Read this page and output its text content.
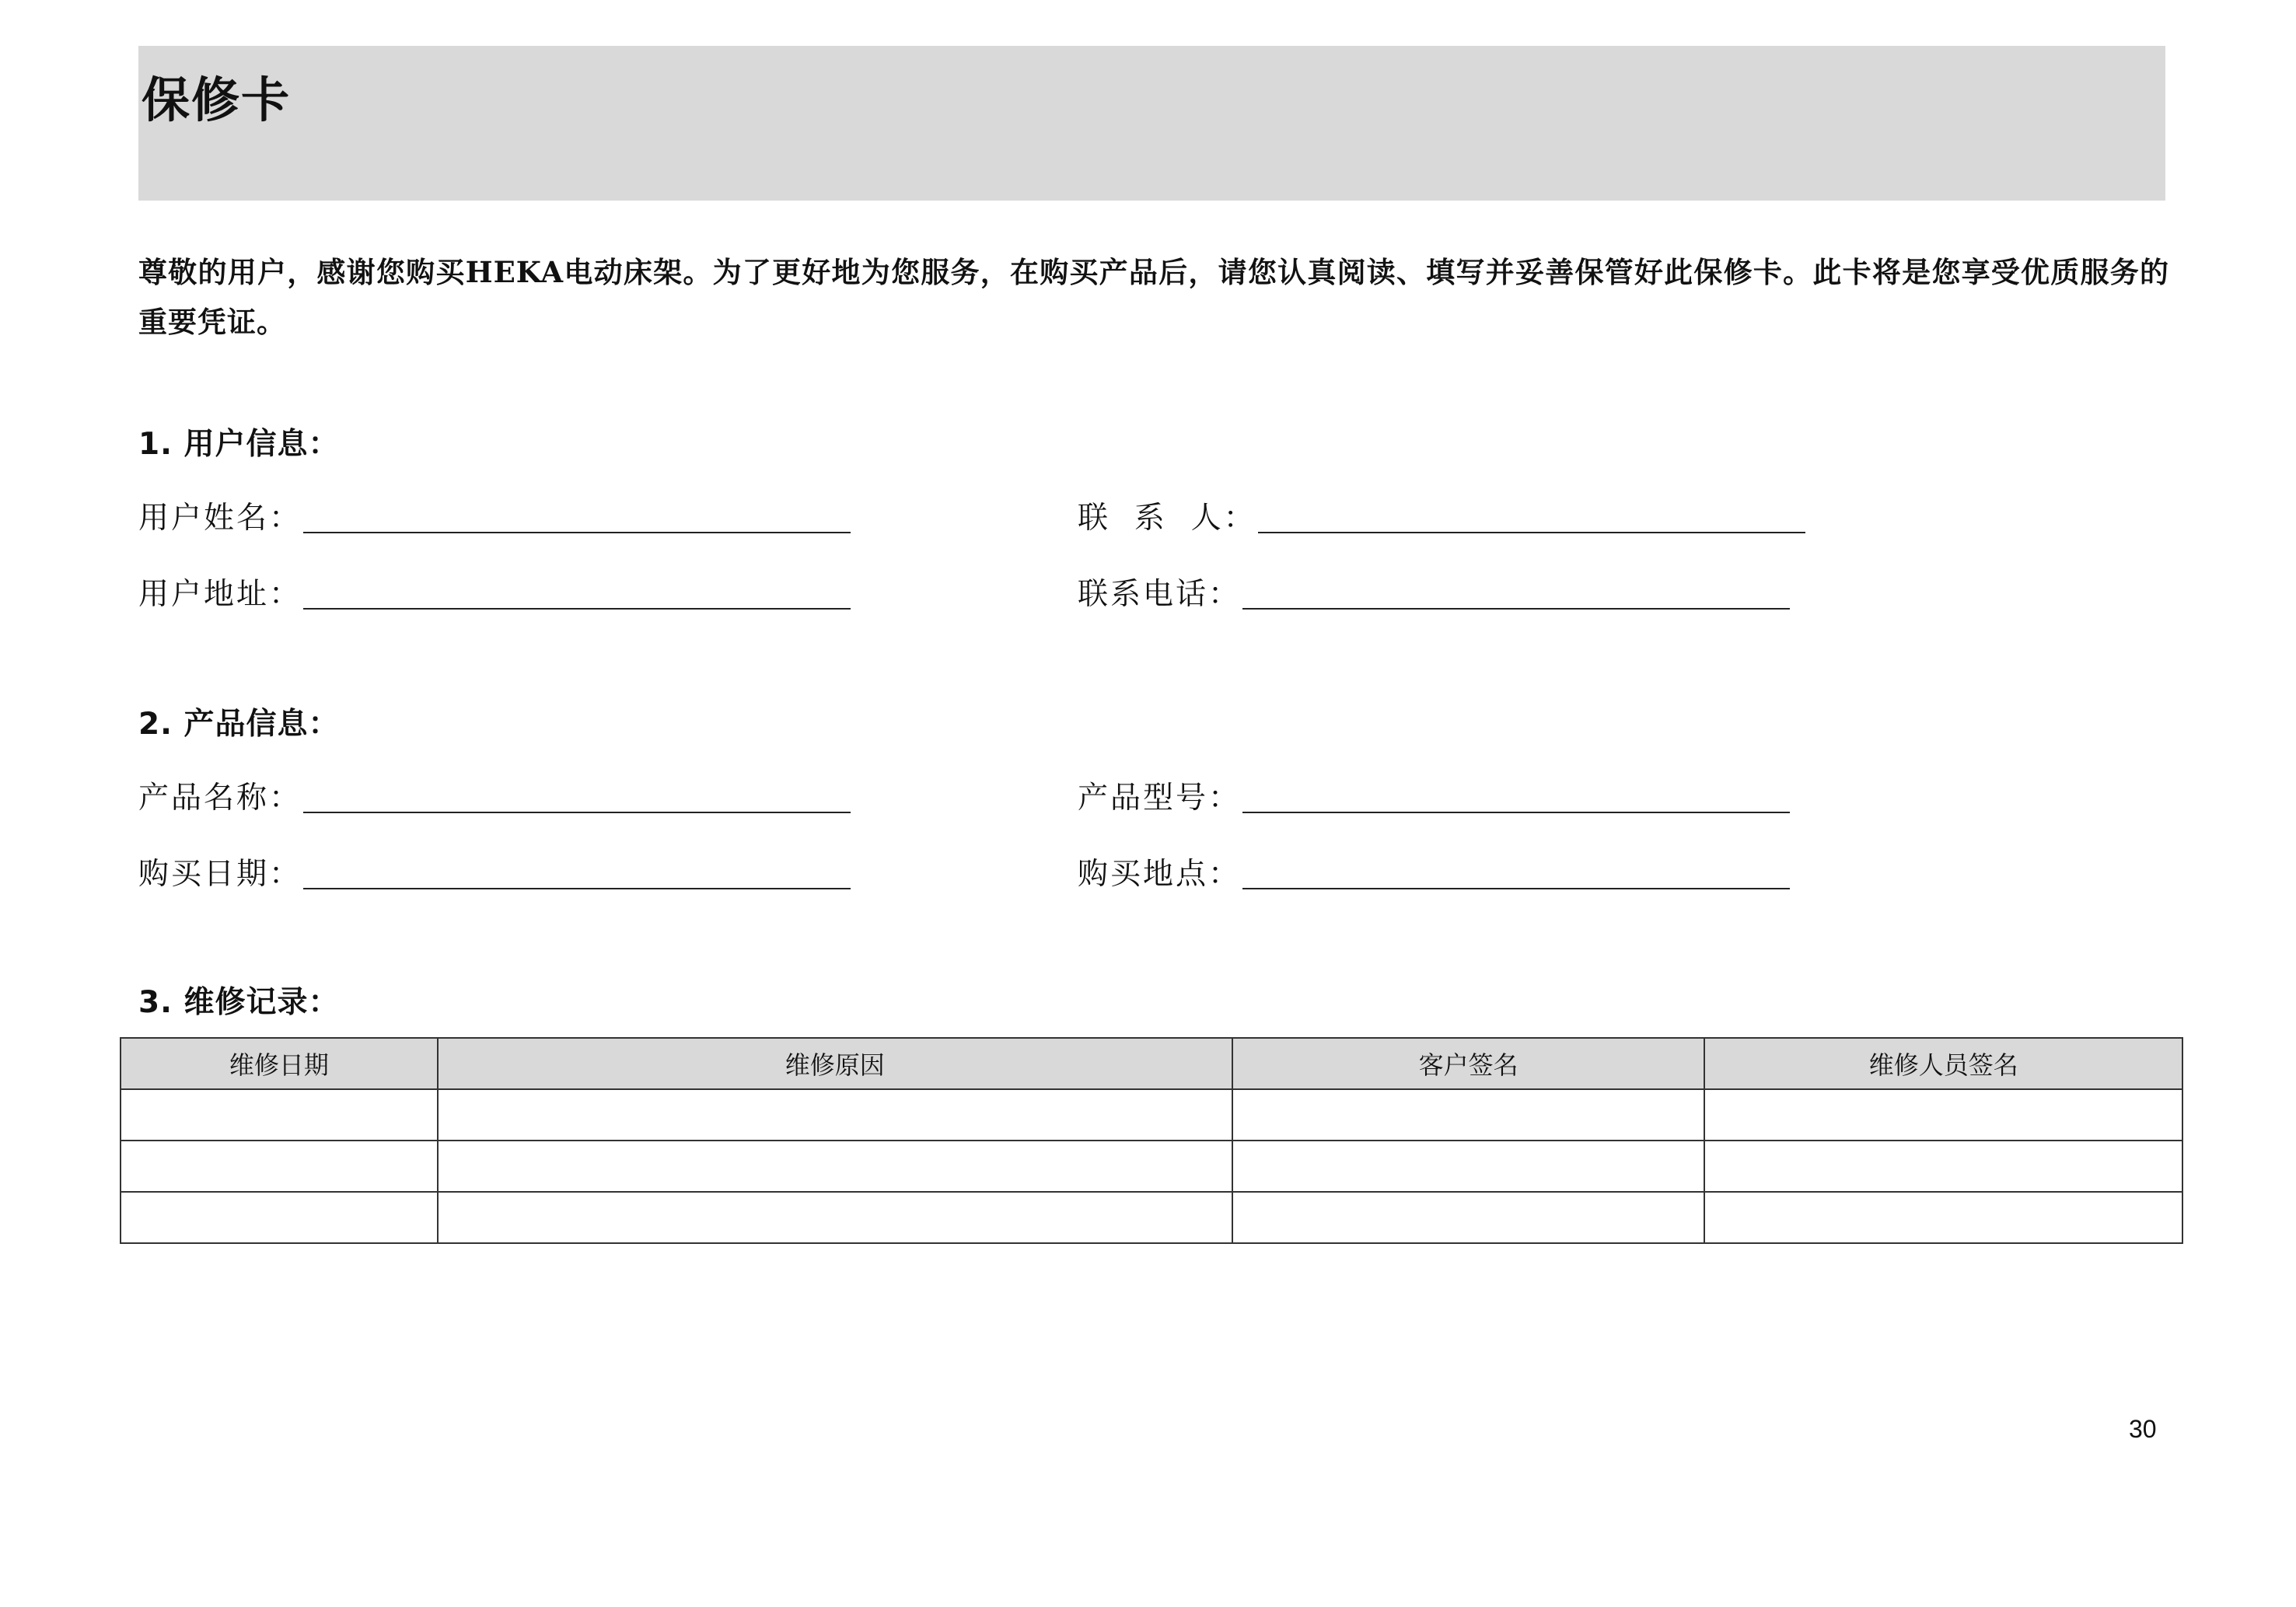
保修卡
尊敬的用户，感谢您购买HEKA电动床架。为了更好地为您服务，在购买产品后，请您认真阅读、填写并妥善保管好此保修卡。此卡将是您享受优质服务的重要凭证。
1. 用户信息：
用户姓名：	联  系  人：
用户地址：	联系电话：
2. 产品信息：
产品名称：	产品型号：
购买日期：	购买地点：
3. 维修记录：
维修日期	维修原因	客户签名	维修人员签名

30
